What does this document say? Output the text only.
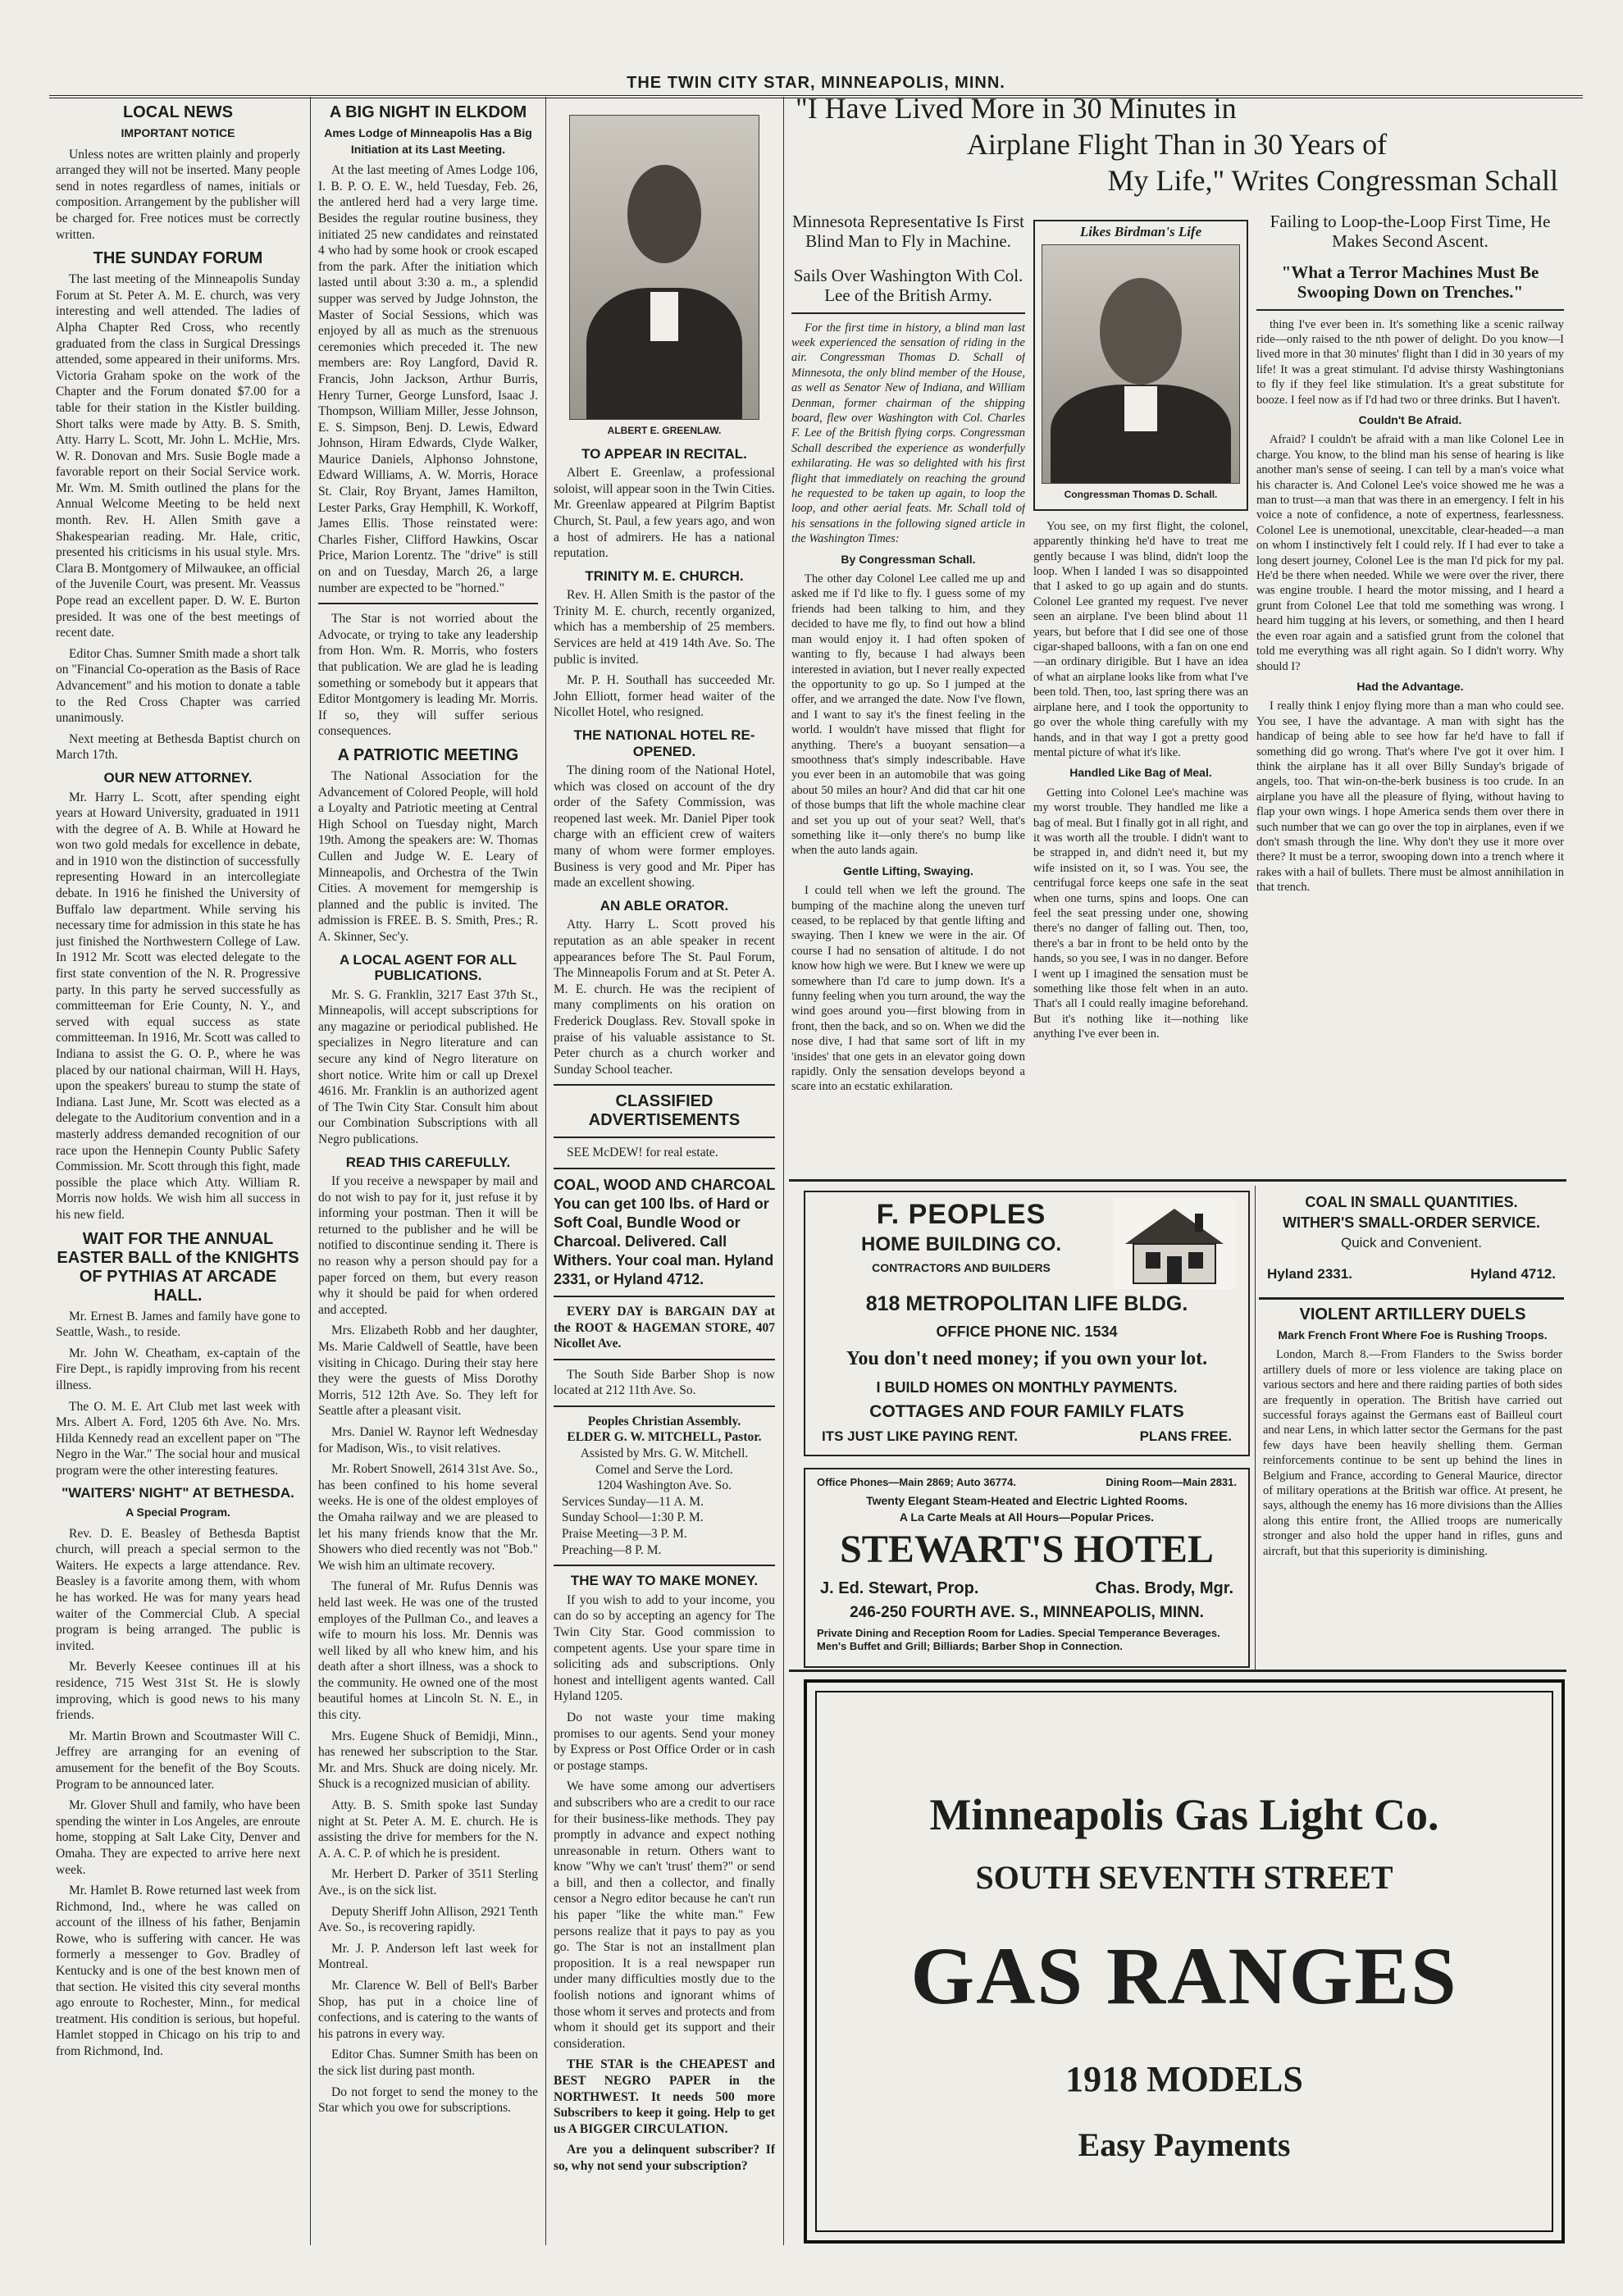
THE TWIN CITY STAR, MINNEAPOLIS, MINN.
LOCAL NEWS
IMPORTANT NOTICE

Unless notes are written plainly and properly arranged they will not be inserted. Many people send in notes regardless of names, initials or composition. Arrangement by the publisher will be charged for. Free notices must be correctly written.

THE SUNDAY FORUM

The last meeting of the Minneapolis Sunday Forum at St. Peter A. M. E. church, was very interesting and well attended. The ladies of Alpha Chapter Red Cross, who recently graduated from the class in Surgical Dressings attended, some appeared in their uniforms. Mrs. Victoria Graham spoke on the work of the Chapter and the Forum donated $7.00 for a table for their station in the Kistler building. Short talks were made by Atty. B. S. Smith, Atty. Harry L. Scott, Mr. John L. McHie, Mrs. W. R. Donovan and Mrs. Susie Bogle made a favorable report on their Social Service work. Mr. Wm. M. Smith outlined the plans for the Annual Welcome Meeting to be held next month. Rev. H. Allen Smith gave a Shakespearian reading. Mr. Hale, critic, presented his criticisms in his usual style. Mrs. Clara B. Montgomery of Milwaukee, an official of the Juvenile Court, was present. Mr. Veassus Pope read an excellent paper. D. W. E. Burton presided. It was one of the best meetings of recent date.

Editor Chas. Sumner Smith made a short talk on "Financial Co-operation as the Basis of Race Advancement" and his motion to donate a table to the Red Cross Chapter was carried unanimously.

Next meeting at Bethesda Baptist church on March 17th.

OUR NEW ATTORNEY.

Mr. Harry L. Scott, after spending eight years at Howard University, graduated in 1911 with the degree of A. B. While at Howard he won two gold medals for excellence in debate, and in 1910 won the distinction of successfully representing Howard in an intercollegiate debate. In 1916 he finished the University of Buffalo law department. While serving his necessary time for admission in this state he has just finished the Northwestern College of Law. In 1912 Mr. Scott was elected delegate to the first state convention of the N. R. Progressive party. In this party he served successfully as committeeman for Erie County, N. Y., and served with equal success as state committeeman. In 1916, Mr. Scott was called to Indiana to assist the G. O. P., where he was placed by our national chairman, Will H. Hays, upon the speakers' bureau to stump the state of Indiana. Last June, Mr. Scott was elected as a delegate to the Auditorium convention and in a masterly address demanded recognition of our race upon the Hennepin County Public Safety Commission. Mr. Scott through this fight, made possible the place which Atty. William R. Morris now holds. We wish him all success in his new field.

WAIT FOR THE ANNUAL EASTER BALL of the KNIGHTS OF PYTHIAS AT ARCADE HALL.

Mr. Ernest B. James and family have gone to Seattle, Wash., to reside.

Mr. John W. Cheatham, ex-captain of the Fire Dept., is rapidly improving from his recent illness.

The O. M. E. Art Club met last week with Mrs. Albert A. Ford, 1205 6th Ave. No. Mrs. Hilda Kennedy read an excellent paper on "The Negro in the War." The social hour and musical program were the other interesting features.

"WAITERS' NIGHT" AT BETHESDA.
A Special Program.

Rev. D. E. Beasley of Bethesda Baptist church, will preach a special sermon to the Waiters. He expects a large attendance. Rev. Beasley is a favorite among them, with whom he has worked. He was for many years head waiter of the Commercial Club. A special program is being arranged. The public is invited.

Mr. Beverly Keesee continues ill at his residence, 715 West 31st St. He is slowly improving, which is good news to his many friends.

Mr. Martin Brown and Scoutmaster Will C. Jeffrey are arranging for an evening of amusement for the benefit of the Boy Scouts. Program to be announced later.

Mr. Glover Shull and family, who have been spending the winter in Los Angeles, are enroute home, stopping at Salt Lake City, Denver and Omaha. They are expected to arrive here next week.

Mr. Hamlet B. Rowe returned last week from Richmond, Ind., where he was called on account of the illness of his father, Benjamin Rowe, who is suffering with cancer. He was formerly a messenger to Gov. Bradley of Kentucky and is one of the best known men of that section. He visited this city several months ago enroute to Rochester, Minn., for medical treatment. His condition is serious, but hopeful. Hamlet stopped in Chicago on his trip to and from Richmond, Ind.

A BIG NIGHT IN ELKDOM
Ames Lodge of Minneapolis Has a Big Initiation at its Last Meeting.

At the last meeting of Ames Lodge 106, I. B. P. O. E. W., held Tuesday, Feb. 26, the antlered herd had a very large time. Besides the regular routine business, they initiated 25 new candidates and reinstated 4 who had by some hook or crook escaped from the park. After the initiation which lasted until about 3:30 a. m., a splendid supper was served by Judge Johnston, the Master of Social Sessions, which was enjoyed by all as much as the strenuous ceremonies which preceded it. The new members are: Roy Langford, David R. Francis, John Jackson, Arthur Burris, Henry Turner, George Lunsford, Isaac J. Thompson, William Miller, Jesse Johnson, E. S. Simpson, Benj. D. Lewis, Edward Johnson, Hiram Edwards, Clyde Walker, Maurice Daniels, Alphonso Johnstone, Edward Williams, A. W. Morris, Horace St. Clair, Roy Bryant, James Hamilton, Lester Parks, Gray Hemphill, K. Workoff, James Ellis. Those reinstated were: Charles Fisher, Clifford Hawkins, Oscar Price, Marion Lorentz. The "drive" is still on and on Tuesday, March 26, a large number are expected to be "horned."

The Star is not worried about the Advocate, or trying to take any leadership from Hon. Wm. R. Morris, who fosters that publication. We are glad he is leading something or somebody but it appears that Editor Montgomery is leading Mr. Morris. If so, they will suffer serious consequences.

A PATRIOTIC MEETING

The National Association for the Advancement of Colored People, will hold a Loyalty and Patriotic meeting at Central High School on Tuesday night, March 19th. Among the speakers are: W. Thomas Cullen and Judge W. E. Leary of Minneapolis, and Orchestra of the Twin Cities. A movement for memgership is planned and the public is invited. The admission is FREE. B. S. Smith, Pres.; R. A. Skinner, Sec'y.

A LOCAL AGENT FOR ALL PUBLICATIONS.

Mr. S. G. Franklin, 3217 East 37th St., Minneapolis, will accept subscriptions for any magazine or periodical published. He specializes in Negro literature and can secure any kind of Negro literature on short notice. Write him or call up Drexel 4616. Mr. Franklin is an authorized agent of The Twin City Star. Consult him about our Combination Subscriptions with all Negro publications.

READ THIS CAREFULLY.

If you receive a newspaper by mail and do not wish to pay for it, just refuse it by informing your postman. Then it will be returned to the publisher and he will be notified to discontinue sending it. There is no reason why a person should pay for a paper forced on them, but every reason why it should be paid for when ordered and accepted.

Mrs. Elizabeth Robb and her daughter, Ms. Marie Caldwell of Seattle, have been visiting in Chicago. During their stay here they were the guests of Miss Dorothy Morris, 512 12th Ave. So. They left for Seattle after a pleasant visit.

Mrs. Daniel W. Raynor left Wednesday for Madison, Wis., to visit relatives.

Mr. Robert Snowell, 2614 31st Ave. So., has been confined to his home several weeks. He is one of the oldest employes of the Omaha railway and we are pleased to let his many friends know that the Mr. Showers who died recently was not "Bob." We wish him an ultimate recovery.

The funeral of Mr. Rufus Dennis was held last week. He was one of the trusted employes of the Pullman Co., and leaves a wife to mourn his loss. Mr. Dennis was well liked by all who knew him, and his death after a short illness, was a shock to the community. He owned one of the most beautiful homes at Lincoln St. N. E., in this city.

Mrs. Eugene Shuck of Bemidji, Minn., has renewed her subscription to the Star. Mr. and Mrs. Shuck are doing nicely. Mr. Shuck is a recognized musician of ability.

Atty. B. S. Smith spoke last Sunday night at St. Peter A. M. E. church. He is assisting the drive for members for the N. A. A. C. P. of which he is president.

Mr. Herbert D. Parker of 3511 Sterling Ave., is on the sick list.

Deputy Sheriff John Allison, 2921 Tenth Ave. So., is recovering rapidly.

Mr. J. P. Anderson left last week for Montreal.

Mr. Clarence W. Bell of Bell's Barber Shop, has put in a choice line of confections, and is catering to the wants of his patrons in every way.

Editor Chas. Sumner Smith has been on the sick list during past month.

Do not forget to send the money to the Star which you owe for subscriptions.

ALBERT E. GREENLAW.
TO APPEAR IN RECITAL.

Albert E. Greenlaw, a professional soloist, will appear soon in the Twin Cities. Mr. Greenlaw appeared at Pilgrim Baptist Church, St. Paul, a few years ago, and won a host of admirers. He has a national reputation.

TRINITY M. E. CHURCH.

Rev. H. Allen Smith is the pastor of the Trinity M. E. church, recently organized, which has a membership of 25 members. Services are held at 419 14th Ave. So. The public is invited.

Mr. P. H. Southall has succeeded Mr. John Elliott, former head waiter of the Nicollet Hotel, who resigned.

THE NATIONAL HOTEL RE-OPENED.

The dining room of the National Hotel, which was closed on account of the dry order of the Safety Commission, was reopened last week. Mr. Daniel Piper took charge with an efficient crew of waiters many of whom were former employes. Business is very good and Mr. Piper has made an excellent showing.

AN ABLE ORATOR.

Atty. Harry L. Scott proved his reputation as an able speaker in recent appearances before The St. Paul Forum, The Minneapolis Forum and at St. Peter A. M. E. church. He was the recipient of many compliments on his oration on Frederick Douglass. Rev. Stovall spoke in praise of his valuable assistance to St. Peter church as a church worker and Sunday School teacher.

CLASSIFIED ADVERTISEMENTS

SEE McDEW! for real estate.

COAL, WOOD AND CHARCOAL You can get 100 lbs. of Hard or Soft Coal, Bundle Wood or Charcoal. Delivered. Call Withers. Your coal man. Hyland 2331, or Hyland 4712.

EVERY DAY is BARGAIN DAY at the ROOT & HAGEMAN STORE, 407 Nicollet Ave.

The South Side Barber Shop is now located at 212 11th Ave. So.

Peoples Christian Assembly.
ELDER G. W. MITCHELL, Pastor.
Assisted by Mrs. G. W. Mitchell.
Comel and Serve the Lord.
1204 Washington Ave. So.
Services Sunday—11 A. M.
Sunday School—1:30 P. M.
Praise Meeting—3 P. M.
Preaching—8 P. M.
THE WAY TO MAKE MONEY.

If you wish to add to your income, you can do so by accepting an agency for The Twin City Star. Good commission to competent agents. Use your spare time in soliciting ads and subscriptions. Only honest and intelligent agents wanted. Call Hyland 1205.

Do not waste your time making promises to our agents. Send your money by Express or Post Office Order or in cash or postage stamps.

We have some among our advertisers and subscribers who are a credit to our race for their business-like methods. They pay promptly in advance and expect nothing unreasonable in return. Others want to know "Why we can't 'trust' them?" or send a bill, and then a collector, and finally censor a Negro editor because he can't run his paper "like the white man." Few persons realize that it pays to pay as you go. The Star is not an installment plan proposition. It is a real newspaper run under many difficulties mostly due to the foolish notions and ignorant whims of those whom it serves and protects and from whom it should get its support and their consideration.

THE STAR is the CHEAPEST and BEST NEGRO PAPER in the NORTHWEST. It needs 500 more Subscribers to keep it going. Help to get us A BIGGER CIRCULATION.

Are you a delinquent subscriber? If so, why not send your subscription?

"I Have Lived More in 30 Minutes in
Airplane Flight Than in 30 Years of
My Life," Writes Congressman Schall
Minnesota Representative Is First Blind Man to Fly in Machine.
Sails Over Washington With Col. Lee of the British Army.

For the first time in history, a blind man last week experienced the sensation of riding in the air. Congressman Thomas D. Schall of Minnesota, the only blind member of the House, as well as Senator New of Indiana, and William Denman, former chairman of the shipping board, flew over Washington with Col. Charles F. Lee of the British flying corps. Congressman Schall described the experience as wonderfully exhilarating. He was so delighted with his first flight that immediately on reaching the ground he requested to be taken up again, to loop the loop, and other aerial feats. Mr. Schall told of his sensations in the following signed article in the Washington Times:

By Congressman Schall.

The other day Colonel Lee called me up and asked me if I'd like to fly. I guess some of my friends had been talking to him, and they decided to have me fly, to find out how a blind man would enjoy it. I had often spoken of wanting to fly, because I had always been interested in aviation, but I never really expected the opportunity to go up. So I jumped at the offer, and we arranged the date. Now I've flown, and I want to say it's the finest feeling in the world. I wouldn't have missed that flight for anything. There's a buoyant sensation—a smoothness that's simply indescribable. Have you ever been in an automobile that was going about 50 miles an hour? And did that car hit one of those bumps that lift the whole machine clear and set you up out of your seat? Well, that's something like it—only there's no bump like when the auto lands again.

Gentle Lifting, Swaying.

I could tell when we left the ground. The bumping of the machine along the uneven turf ceased, to be replaced by that gentle lifting and swaying. Then I knew we were in the air. Of course I had no sensation of altitude. I do not know how high we were. But I knew we were up somewhere than I'd care to jump down. It's a funny feeling when you turn around, the way the wind goes around you—first blowing from in front, then the back, and so on. When we did the nose dive, I had that same sort of lift in my 'insides' that one gets in an elevator going down rapidly. Only the sensation develops beyond a scare into an ecstatic exhilaration.

Likes Birdman's Life
Congressman Thomas D. Schall.

You see, on my first flight, the colonel, apparently thinking he'd have to treat me gently because I was blind, didn't loop the loop. When I landed I was so disappointed that I asked to go up again and do stunts. Colonel Lee granted my request. I've never seen an airplane. I've been blind about 11 years, but before that I did see one of those cigar-shaped balloons, with a fan on one end—an ordinary dirigible. But I have an idea of what an airplane looks like from what I've been told. Then, too, last spring there was an airplane here, and I took the opportunity to go over the whole thing carefully with my hands, and in that way I got a pretty good mental picture of what it's like.

Handled Like Bag of Meal.

Getting into Colonel Lee's machine was my worst trouble. They handled me like a bag of meal. But I finally got in all right, and it was worth all the trouble. I didn't want to be strapped in, and didn't need it, but my wife insisted on it, so I was. You see, the centrifugal force keeps one safe in the seat when one turns, spins and loops. One can feel the seat pressing under one, showing there's no danger of falling out. Then, too, there's a bar in front to be held onto by the hands, so you see, I was in no danger. Before I went up I imagined the sensation must be something like those felt when in an auto. That's all I could really imagine beforehand. But it's nothing like it—nothing like anything I've ever been in.

Failing to Loop-the-Loop First Time, He Makes Second Ascent.
"What a Terror Machines Must Be Swooping Down on Trenches."

thing I've ever been in. It's something like a scenic railway ride—only raised to the nth power of delight. Do you know—I lived more in that 30 minutes' flight than I did in 30 years of my life! It was a great stimulant. I'd advise thirsty Washingtonians to fly if they feel like stimulation. It's a great substitute for booze. I feel now as if I'd had two or three drinks. But I haven't.

Couldn't Be Afraid.

Afraid? I couldn't be afraid with a man like Colonel Lee in charge. You know, to the blind man his sense of hearing is like another man's sense of seeing. I can tell by a man's voice what his character is. And Colonel Lee's voice showed me he was a man to trust—a man that was there in an emergency. I felt in his voice a note of confidence, a note of expertness, fearlessness. Colonel Lee is unemotional, unexcitable, clear-headed—a man on whom I instinctively felt I could rely. If I had ever to take a long desert journey, Colonel Lee is the man I'd pick for my pal. He'd be there when needed. While we were over the river, there was engine trouble. I heard the motor missing, and I heard a grunt from Colonel Lee that told me something was wrong. I heard him tugging at his levers, or something, and then I heard the even roar again and a satisfied grunt from the colonel that told me everything was all right again. So I didn't worry. Why should I?

Had the Advantage.

I really think I enjoy flying more than a man who could see. You see, I have the advantage. A man with sight has the handicap of being able to see how far he'd have to fall if something did go wrong. That's where I've got it over him. I think the airplane has it all over Billy Sunday's brigade of angels, too. That win-on-the-berk business is too crude. In an airplane you have all the pleasure of flying, without having to flap your own wings. I hope America sends them over there in such number that we can go over the top in airplanes, even if we don't smash through the line. Why don't they use it more over there? It must be a terror, swooping down into a trench where it rakes with a hail of bullets. There must be almost annihilation in that trench.

F. PEOPLES
HOME BUILDING CO.
CONTRACTORS AND BUILDERS
818 METROPOLITAN LIFE BLDG.
OFFICE PHONE NIC. 1534
You don't need money; if you own your lot.
I BUILD HOMES ON MONTHLY PAYMENTS.
COTTAGES AND FOUR FAMILY FLATS
ITS JUST LIKE PAYING RENT.	PLANS FREE.
Office Phones—Main 2869; Auto 36774.	Dining Room—Main 2831.
Twenty Elegant Steam-Heated and Electric Lighted Rooms.
A La Carte Meals at All Hours—Popular Prices.
STEWART'S HOTEL
J. Ed. Stewart, Prop.	Chas. Brody, Mgr.
246-250 FOURTH AVE. S., MINNEAPOLIS, MINN.
Private Dining and Reception Room for Ladies. Special Temperance Beverages. Men's Buffet and Grill; Billiards; Barber Shop in Connection.
COAL IN SMALL QUANTITIES.
WITHER'S SMALL-ORDER SERVICE.
Quick and Convenient.
Hyland 2331.	Hyland 4712.
VIOLENT ARTILLERY DUELS
Mark French Front Where Foe is Rushing Troops.

London, March 8.—From Flanders to the Swiss border artillery duels of more or less violence are taking place on various sectors and here and there raiding parties of both sides are frequently in operation. The British have carried out successful forays against the Germans east of Bailleul court and near Lens, in which latter sector the Germans for the past few days have been heavily shelling them. German reinforcements continue to be sent up behind the lines in Belgium and France, according to General Maurice, director of military operations at the British war office. At present, he says, although the enemy has 16 more divisions than the Allies along this entire front, the Allied troops are numerically stronger and also hold the upper hand in rifles, guns and aircraft, but that this superiority is diminishing.

Minneapolis Gas Light Co.
SOUTH SEVENTH STREET
GAS RANGES
1918 MODELS
Easy Payments
